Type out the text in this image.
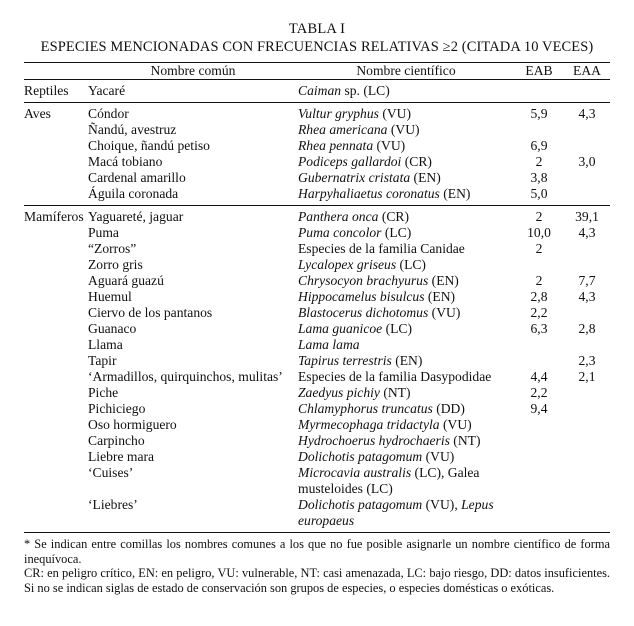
TABLA I
ESPECIES MENCIONADAS CON FRECUENCIAS RELATIVAS ≥2 (CITADA 10 VECES)

	Nombre común	Nombre científico	EAB	EAA
Reptiles	Yacaré	Caiman sp. (LC)		
Aves	Cóndor	Vultur gryphus (VU)	5,9	4,3
	Ñandú, avestruz	Rhea americana (VU)		
	Choique, ñandú petiso	Rhea pennata (VU)	6,9	
	Macá tobiano	Podiceps gallardoi (CR)	2	3,0
	Cardenal amarillo	Gubernatrix cristata (EN)	3,8	
	Águila coronada	Harpyhaliaetus coronatus (EN)	5,0	
Mamíferos	Yaguareté, jaguar	Panthera onca (CR)	2	39,1
	Puma	Puma concolor (LC)	10,0	4,3
	“Zorros”	Especies de la familia Canidae	2	
	Zorro gris	Lycalopex griseus (LC)		
	Aguará guazú	Chrysocyon brachyurus (EN)	2	7,7
	Huemul	Hippocamelus bisulcus (EN)	2,8	4,3
	Ciervo de los pantanos	Blastocerus dichotomus (VU)	2,2	
	Guanaco	Lama guanicoe (LC)	6,3	2,8
	Llama	Lama lama		
	Tapir	Tapirus terrestris (EN)		2,3
	‘Armadillos, quirquinchos, mulitas’	Especies de la familia Dasypodidae	4,4	2,1
	Piche	Zaedyus pichiy (NT)	2,2	
	Pichiciego	Chlamyphorus truncatus (DD)	9,4	
	Oso hormiguero	Myrmecophaga tridactyla (VU)		
	Carpincho	Hydrochoerus hydrochaeris (NT)		
	Liebre mara	Dolichotis patagomum (VU)		
	‘Cuises’	Microcavia australis (LC), Galea musteloides (LC)		
	‘Liebres’	Dolichotis patagomum (VU), Lepus europaeus		

* Se indican entre comillas los nombres comunes a los que no fue posible asignarle un nombre científico de forma inequívoca.

CR: en peligro crítico, EN: en peligro, VU: vulnerable, NT: casi amenazada, LC: bajo riesgo, DD: datos insuficientes. Si no se indican siglas de estado de conservación son grupos de especies, o especies domésticas o exóticas.
